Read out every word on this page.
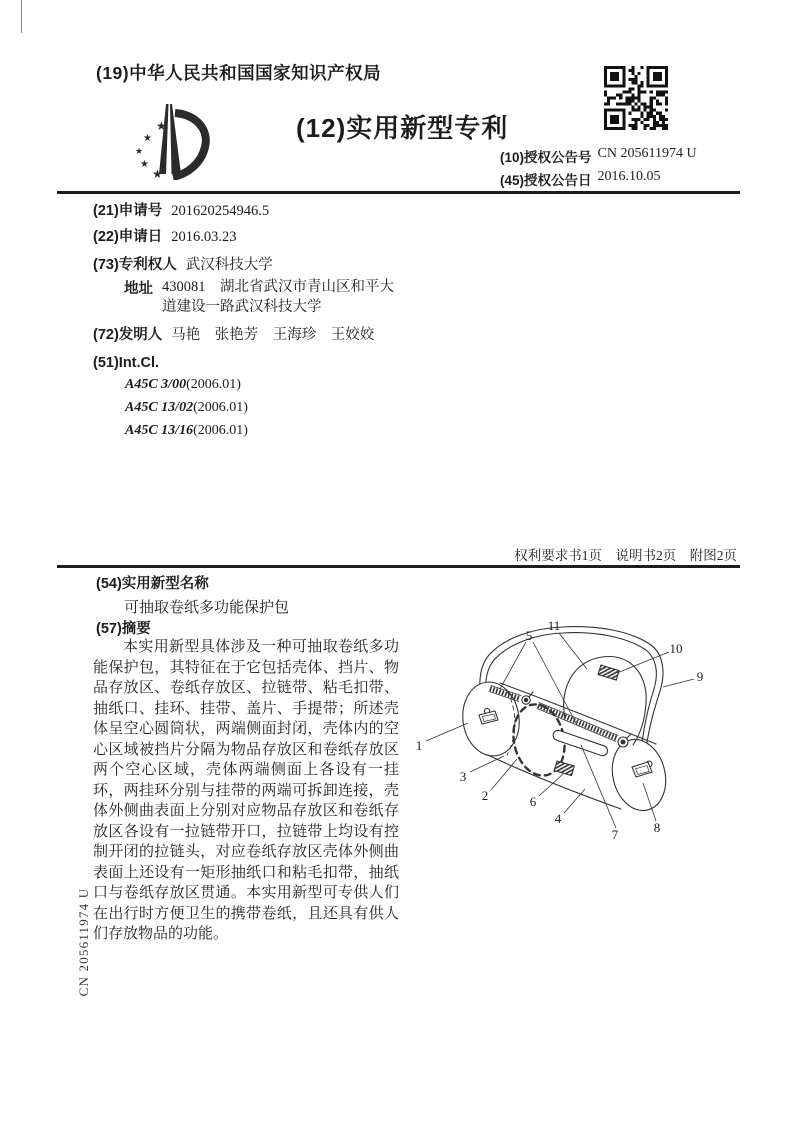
(19)中华人民共和国国家知识产权局
★
★
★
★
★
(12)实用新型专利
(10)授权公告号 CN 205611974 U
(45)授权公告日 2016.10.05
(21)申请号 201620254946.5
(22)申请日 2016.03.23
(73)专利权人 武汉科技大学
地址 430081　湖北省武汉市青山区和平大道建设一路武汉科技大学
(72)发明人 马艳　张艳芳　王海珍　王姣姣
(51)Int.Cl.
A45C 3/00(2006.01)
A45C 13/02(2006.01)
A45C 13/16(2006.01)
权利要求书1页　说明书2页　附图2页
(54)实用新型名称
可抽取卷纸多功能保护包
(57)摘要
本实用新型具体涉及一种可抽取卷纸多功能保护包，其特征在于它包括壳体、挡片、物品存放区、卷纸存放区、拉链带、粘毛扣带、抽纸口、挂环、挂带、盖片、手提带；所述壳体呈空心圆筒状，两端侧面封闭，壳体内的空心区域被挡片分隔为物品存放区和卷纸存放区两个空心区域，壳体两端侧面上各设有一挂环，两挂环分别与挂带的两端可拆卸连接，壳体外侧曲表面上分别对应物品存放区和卷纸存放区各设有一拉链带开口，拉链带上均设有控制开闭的拉链头，对应卷纸存放区壳体外侧曲表面上还设有一矩形抽纸口和粘毛扣带，抽纸口与卷纸存放区贯通。本实用新型可专供人们在出行时方便卫生的携带卷纸，且还具有供人们存放物品的功能。
1
2
3
4
5
6
7	8
9
10
11
CN 205611974 U
